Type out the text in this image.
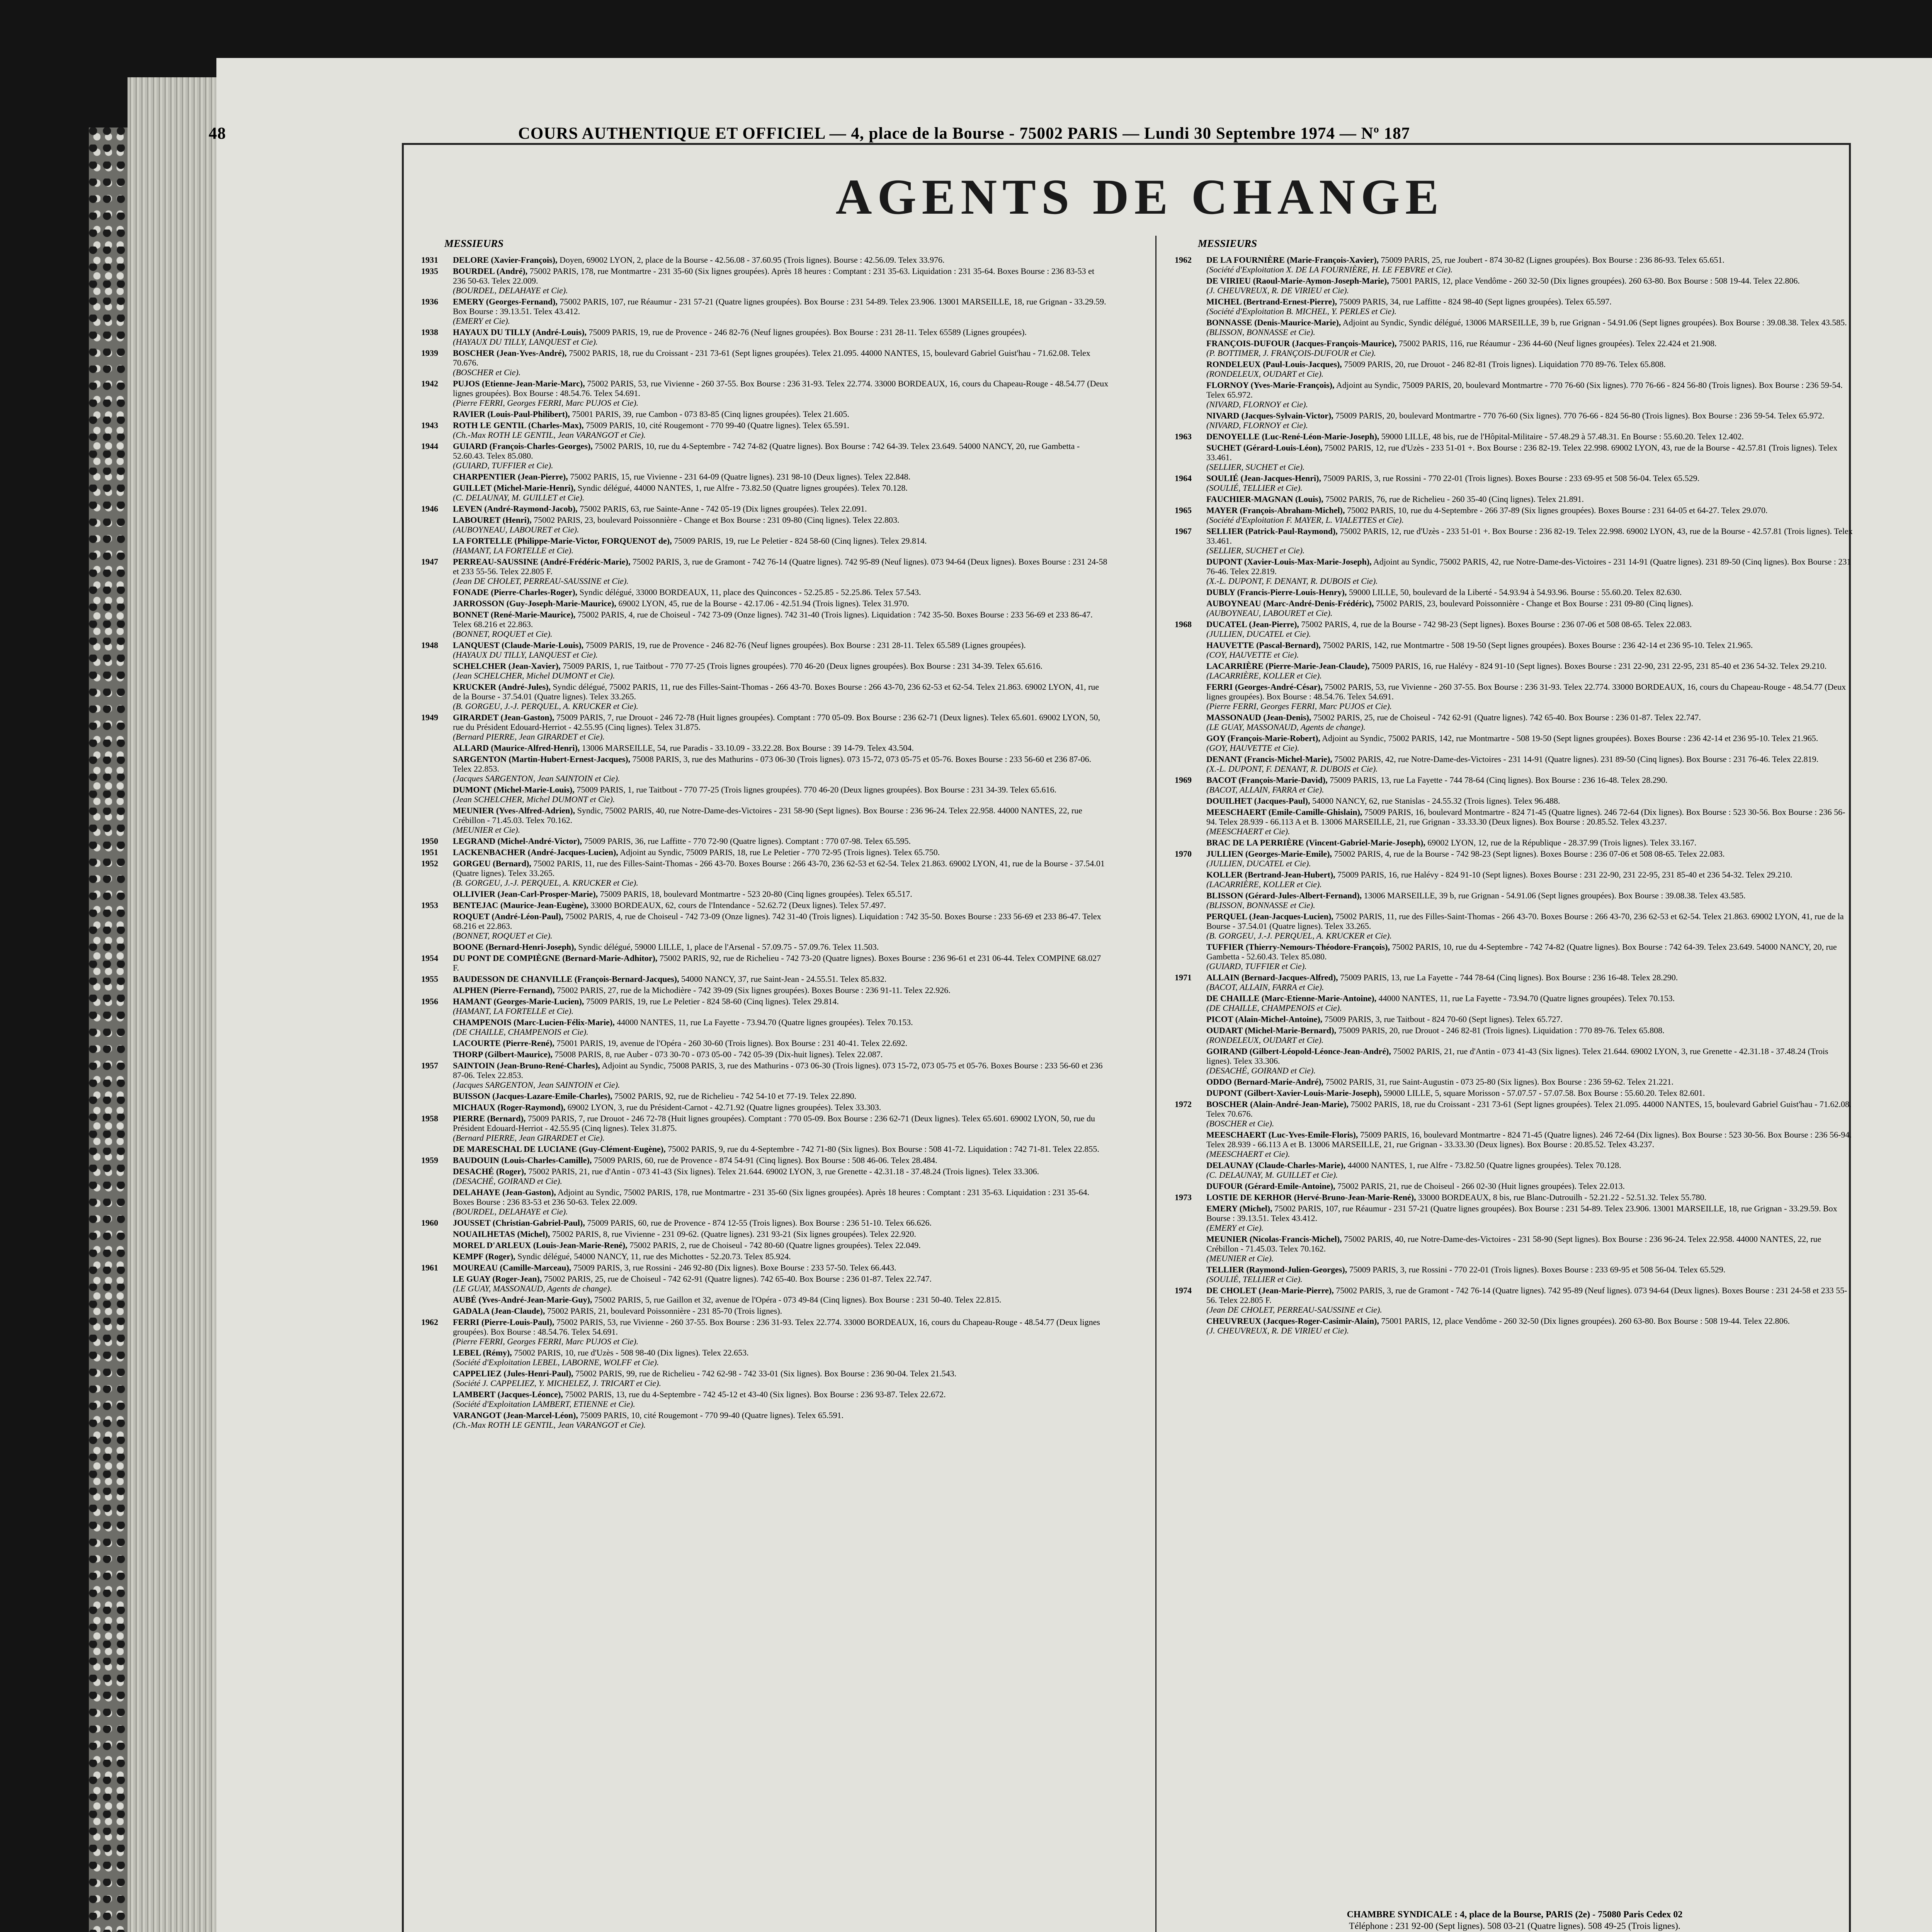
48	COURS AUTHENTIQUE ET OFFICIEL — 4, place de la Bourse - 75002 PARIS — Lundi 30 Septembre 1974 — Nº 187
AGENTS DE CHANGE
MESSIEURS	MESSIEURS
1931	DELORE (Xavier-François), Doyen, 69002 LYON, 2, place de la Bourse - 42.56.08 - 37.60.95 (Trois lignes). Bourse : 42.56.09. Telex 33.976.
1935	BOURDEL (André), 75002 PARIS, 178, rue Montmartre - 231 35-60 (Six lignes groupées). Après 18 heures : Comptant : 231 35-63. Liquidation : 231 35-64. Boxes Bourse : 236 83-53 et 236 50-63. Telex 22.009.
(BOURDEL, DELAHAYE et Cie).
1936	EMERY (Georges-Fernand), 75002 PARIS, 107, rue Réaumur - 231 57-21 (Quatre lignes groupées). Box Bourse : 231 54-89. Telex 23.906. 13001 MARSEILLE, 18, rue Grignan - 33.29.59. Box Bourse : 39.13.51. Telex 43.412.
(EMERY et Cie).
1938	HAYAUX DU TILLY (André-Louis), 75009 PARIS, 19, rue de Provence - 246 82-76 (Neuf lignes groupées). Box Bourse : 231 28-11. Telex 65589 (Lignes groupées).
(HAYAUX DU TILLY, LANQUEST et Cie).
1939	BOSCHER (Jean-Yves-André), 75002 PARIS, 18, rue du Croissant - 231 73-61 (Sept lignes groupées). Telex 21.095. 44000 NANTES, 15, boulevard Gabriel Guist'hau - 71.62.08. Telex 70.676.
(BOSCHER et Cie).
1942	PUJOS (Etienne-Jean-Marie-Marc), 75002 PARIS, 53, rue Vivienne - 260 37-55. Box Bourse : 236 31-93. Telex 22.774. 33000 BORDEAUX, 16, cours du Chapeau-Rouge - 48.54.77 (Deux lignes groupées). Box Bourse : 48.54.76. Telex 54.691.
(Pierre FERRI, Georges FERRI, Marc PUJOS et Cie).
RAVIER (Louis-Paul-Philibert), 75001 PARIS, 39, rue Cambon - 073 83-85 (Cinq lignes groupées). Telex 21.605.
1943	ROTH LE GENTIL (Charles-Max), 75009 PARIS, 10, cité Rougemont - 770 99-40 (Quatre lignes). Telex 65.591.
(Ch.-Max ROTH LE GENTIL, Jean VARANGOT et Cie).
1944	GUIARD (François-Charles-Georges), 75002 PARIS, 10, rue du 4-Septembre - 742 74-82 (Quatre lignes). Box Bourse : 742 64-39. Telex 23.649. 54000 NANCY, 20, rue Gambetta - 52.60.43. Telex 85.080.
(GUIARD, TUFFIER et Cie).
CHARPENTIER (Jean-Pierre), 75002 PARIS, 15, rue Vivienne - 231 64-09 (Quatre lignes). 231 98-10 (Deux lignes). Telex 22.848.
GUILLET (Michel-Marie-Henri), Syndic délégué, 44000 NANTES, 1, rue Alfre - 73.82.50 (Quatre lignes groupées). Telex 70.128.
(C. DELAUNAY, M. GUILLET et Cie).
1946	LEVEN (André-Raymond-Jacob), 75002 PARIS, 63, rue Sainte-Anne - 742 05-19 (Dix lignes groupées). Telex 22.091.
LABOURET (Henri), 75002 PARIS, 23, boulevard Poissonnière - Change et Box Bourse : 231 09-80 (Cinq lignes). Telex 22.803.
(AUBOYNEAU, LABOURET et Cie).
LA FORTELLE (Philippe-Marie-Victor, FORQUENOT de), 75009 PARIS, 19, rue Le Peletier - 824 58-60 (Cinq lignes). Telex 29.814.
(HAMANT, LA FORTELLE et Cie).
1947	PERREAU-SAUSSINE (André-Frédéric-Marie), 75002 PARIS, 3, rue de Gramont - 742 76-14 (Quatre lignes). 742 95-89 (Neuf lignes). 073 94-64 (Deux lignes). Boxes Bourse : 231 24-58 et 233 55-56. Telex 22.805 F.
(Jean DE CHOLET, PERREAU-SAUSSINE et Cie).
FONADE (Pierre-Charles-Roger), Syndic délégué, 33000 BORDEAUX, 11, place des Quinconces - 52.25.85 - 52.25.86. Telex 57.543.
JARROSSON (Guy-Joseph-Marie-Maurice), 69002 LYON, 45, rue de la Bourse - 42.17.06 - 42.51.94 (Trois lignes). Telex 31.970.
BONNET (René-Marie-Maurice), 75002 PARIS, 4, rue de Choiseul - 742 73-09 (Onze lignes). 742 31-40 (Trois lignes). Liquidation : 742 35-50. Boxes Bourse : 233 56-69 et 233 86-47. Telex 68.216 et 22.863.
(BONNET, ROQUET et Cie).
1948	LANQUEST (Claude-Marie-Louis), 75009 PARIS, 19, rue de Provence - 246 82-76 (Neuf lignes groupées). Box Bourse : 231 28-11. Telex 65.589 (Lignes groupées).
(HAYAUX DU TILLY, LANQUEST et Cie).
SCHELCHER (Jean-Xavier), 75009 PARIS, 1, rue Taitbout - 770 77-25 (Trois lignes groupées). 770 46-20 (Deux lignes groupées). Box Bourse : 231 34-39. Telex 65.616.
(Jean SCHELCHER, Michel DUMONT et Cie).
KRUCKER (André-Jules), Syndic délégué, 75002 PARIS, 11, rue des Filles-Saint-Thomas - 266 43-70. Boxes Bourse : 266 43-70, 236 62-53 et 62-54. Telex 21.863. 69002 LYON, 41, rue de la Bourse - 37.54.01 (Quatre lignes). Telex 33.265.
(B. GORGEU, J.-J. PERQUEL, A. KRUCKER et Cie).
1949	GIRARDET (Jean-Gaston), 75009 PARIS, 7, rue Drouot - 246 72-78 (Huit lignes groupées). Comptant : 770 05-09. Box Bourse : 236 62-71 (Deux lignes). Telex 65.601. 69002 LYON, 50, rue du Président Edouard-Herriot - 42.55.95 (Cinq lignes). Telex 31.875.
(Bernard PIERRE, Jean GIRARDET et Cie).
ALLARD (Maurice-Alfred-Henri), 13006 MARSEILLE, 54, rue Paradis - 33.10.09 - 33.22.28. Box Bourse : 39 14-79. Telex 43.504.
SARGENTON (Martin-Hubert-Ernest-Jacques), 75008 PARIS, 3, rue des Mathurins - 073 06-30 (Trois lignes). 073 15-72, 073 05-75 et 05-76. Boxes Bourse : 233 56-60 et 236 87-06. Telex 22.853.
(Jacques SARGENTON, Jean SAINTOIN et Cie).
DUMONT (Michel-Marie-Louis), 75009 PARIS, 1, rue Taitbout - 770 77-25 (Trois lignes groupées). 770 46-20 (Deux lignes groupées). Box Bourse : 231 34-39. Telex 65.616.
(Jean SCHELCHER, Michel DUMONT et Cie).
MEUNIER (Yves-Alfred-Adrien), Syndic, 75002 PARIS, 40, rue Notre-Dame-des-Victoires - 231 58-90 (Sept lignes). Box Bourse : 236 96-24. Telex 22.958. 44000 NANTES, 22, rue Crébillon - 71.45.03. Telex 70.162.
(MEUNIER et Cie).
1950	LEGRAND (Michel-André-Victor), 75009 PARIS, 36, rue Laffitte - 770 72-90 (Quatre lignes). Comptant : 770 07-98. Telex 65.595.
1951	LACKENBACHER (André-Jacques-Lucien), Adjoint au Syndic, 75009 PARIS, 18, rue Le Peletier - 770 72-95 (Trois lignes). Telex 65.750.
1952	GORGEU (Bernard), 75002 PARIS, 11, rue des Filles-Saint-Thomas - 266 43-70. Boxes Bourse : 266 43-70, 236 62-53 et 62-54. Telex 21.863. 69002 LYON, 41, rue de la Bourse - 37.54.01 (Quatre lignes). Telex 33.265.
(B. GORGEU, J.-J. PERQUEL, A. KRUCKER et Cie).
OLLIVIER (Jean-Carl-Prosper-Marie), 75009 PARIS, 18, boulevard Montmartre - 523 20-80 (Cinq lignes groupées). Telex 65.517.
1953	BENTEJAC (Maurice-Jean-Eugène), 33000 BORDEAUX, 62, cours de l'Intendance - 52.62.72 (Deux lignes). Telex 57.497.
ROQUET (André-Léon-Paul), 75002 PARIS, 4, rue de Choiseul - 742 73-09 (Onze lignes). 742 31-40 (Trois lignes). Liquidation : 742 35-50. Boxes Bourse : 233 56-69 et 233 86-47. Telex 68.216 et 22.863.
(BONNET, ROQUET et Cie).
BOONE (Bernard-Henri-Joseph), Syndic délégué, 59000 LILLE, 1, place de l'Arsenal - 57.09.75 - 57.09.76. Telex 11.503.
1954	DU PONT DE COMPIÈGNE (Bernard-Marie-Adhitor), 75002 PARIS, 92, rue de Richelieu - 742 73-20 (Quatre lignes). Boxes Bourse : 236 96-61 et 231 06-44. Telex COMPINE 68.027 F.
1955	BAUDESSON DE CHANVILLE (François-Bernard-Jacques), 54000 NANCY, 37, rue Saint-Jean - 24.55.51. Telex 85.832.
ALPHEN (Pierre-Fernand), 75002 PARIS, 27, rue de la Michodière - 742 39-09 (Six lignes groupées). Boxes Bourse : 236 91-11. Telex 22.926.
1956	HAMANT (Georges-Marie-Lucien), 75009 PARIS, 19, rue Le Peletier - 824 58-60 (Cinq lignes). Telex 29.814.
(HAMANT, LA FORTELLE et Cie).
CHAMPENOIS (Marc-Lucien-Félix-Marie), 44000 NANTES, 11, rue La Fayette - 73.94.70 (Quatre lignes groupées). Telex 70.153.
(DE CHAILLE, CHAMPENOIS et Cie).
LACOURTE (Pierre-René), 75001 PARIS, 19, avenue de l'Opéra - 260 30-60 (Trois lignes). Box Bourse : 231 40-41. Telex 22.692.
THORP (Gilbert-Maurice), 75008 PARIS, 8, rue Auber - 073 30-70 - 073 05-00 - 742 05-39 (Dix-huit lignes). Telex 22.087.
1957	SAINTOIN (Jean-Bruno-René-Charles), Adjoint au Syndic, 75008 PARIS, 3, rue des Mathurins - 073 06-30 (Trois lignes). 073 15-72, 073 05-75 et 05-76. Boxes Bourse : 233 56-60 et 236 87-06. Telex 22.853.
(Jacques SARGENTON, Jean SAINTOIN et Cie).
BUISSON (Jacques-Lazare-Emile-Charles), 75002 PARIS, 92, rue de Richelieu - 742 54-10 et 77-19. Telex 22.890.
MICHAUX (Roger-Raymond), 69002 LYON, 3, rue du Président-Carnot - 42.71.92 (Quatre lignes groupées). Telex 33.303.
1958	PIERRE (Bernard), 75009 PARIS, 7, rue Drouot - 246 72-78 (Huit lignes groupées). Comptant : 770 05-09. Box Bourse : 236 62-71 (Deux lignes). Telex 65.601. 69002 LYON, 50, rue du Président Edouard-Herriot - 42.55.95 (Cinq lignes). Telex 31.875.
(Bernard PIERRE, Jean GIRARDET et Cie).
DE MARESCHAL DE LUCIANE (Guy-Clément-Eugène), 75002 PARIS, 9, rue du 4-Septembre - 742 71-80 (Six lignes). Box Bourse : 508 41-72. Liquidation : 742 71-81. Telex 22.855.
1959	BAUDOUIN (Louis-Charles-Camille), 75009 PARIS, 60, rue de Provence - 874 54-91 (Cinq lignes). Box Bourse : 508 46-06. Telex 28.484.
DESACHÉ (Roger), 75002 PARIS, 21, rue d'Antin - 073 41-43 (Six lignes). Telex 21.644. 69002 LYON, 3, rue Grenette - 42.31.18 - 37.48.24 (Trois lignes). Telex 33.306.
(DESACHÉ, GOIRAND et Cie).
DELAHAYE (Jean-Gaston), Adjoint au Syndic, 75002 PARIS, 178, rue Montmartre - 231 35-60 (Six lignes groupées). Après 18 heures : Comptant : 231 35-63. Liquidation : 231 35-64. Boxes Bourse : 236 83-53 et 236 50-63. Telex 22.009.
(BOURDEL, DELAHAYE et Cie).
1960	JOUSSET (Christian-Gabriel-Paul), 75009 PARIS, 60, rue de Provence - 874 12-55 (Trois lignes). Box Bourse : 236 51-10. Telex 66.626.
NOUAILHETAS (Michel), 75002 PARIS, 8, rue Vivienne - 231 09-62. (Quatre lignes). 231 93-21 (Six lignes groupées). Telex 22.920.
MOREL D'ARLEUX (Louis-Jean-Marie-René), 75002 PARIS, 2, rue de Choiseul - 742 80-60 (Quatre lignes groupées). Telex 22.049.
KEMPF (Roger), Syndic délégué, 54000 NANCY, 11, rue des Michottes - 52.20.73. Telex 85.924.
1961	MOUREAU (Camille-Marceau), 75009 PARIS, 3, rue Rossini - 246 92-80 (Dix lignes). Boxe Bourse : 233 57-50. Telex 66.443.
LE GUAY (Roger-Jean), 75002 PARIS, 25, rue de Choiseul - 742 62-91 (Quatre lignes). 742 65-40. Box Bourse : 236 01-87. Telex 22.747.
(LE GUAY, MASSONAUD, Agents de change).
AUBÉ (Yves-André-Jean-Marie-Guy), 75002 PARIS, 5, rue Gaillon et 32, avenue de l'Opéra - 073 49-84 (Cinq lignes). Box Bourse : 231 50-40. Telex 22.815.
GADALA (Jean-Claude), 75002 PARIS, 21, boulevard Poissonnière - 231 85-70 (Trois lignes).
1962	FERRI (Pierre-Louis-Paul), 75002 PARIS, 53, rue Vivienne - 260 37-55. Box Bourse : 236 31-93. Telex 22.774. 33000 BORDEAUX, 16, cours du Chapeau-Rouge - 48.54.77 (Deux lignes groupées). Box Bourse : 48.54.76. Telex 54.691.
(Pierre FERRI, Georges FERRI, Marc PUJOS et Cie).
LEBEL (Rémy), 75002 PARIS, 10, rue d'Uzès - 508 98-40 (Dix lignes). Telex 22.653.
(Société d'Exploitation LEBEL, LABORNE, WOLFF et Cie).
CAPPELIEZ (Jules-Henri-Paul), 75002 PARIS, 99, rue de Richelieu - 742 62-98 - 742 33-01 (Six lignes). Box Bourse : 236 90-04. Telex 21.543.
(Société J. CAPPELIEZ, Y. MICHELEZ, J. TRICART et Cie).
LAMBERT (Jacques-Léonce), 75002 PARIS, 13, rue du 4-Septembre - 742 45-12 et 43-40 (Six lignes). Box Bourse : 236 93-87. Telex 22.672.
(Société d'Exploitation LAMBERT, ETIENNE et Cie).
VARANGOT (Jean-Marcel-Léon), 75009 PARIS, 10, cité Rougemont - 770 99-40 (Quatre lignes). Telex 65.591.
(Ch.-Max ROTH LE GENTIL, Jean VARANGOT et Cie).
1962	DE LA FOURNIÈRE (Marie-François-Xavier), 75009 PARIS, 25, rue Joubert - 874 30-82 (Lignes groupées). Box Bourse : 236 86-93. Telex 65.651.
(Société d'Exploitation X. DE LA FOURNIÈRE, H. LE FEBVRE et Cie).
DE VIRIEU (Raoul-Marie-Aymon-Joseph-Marie), 75001 PARIS, 12, place Vendôme - 260 32-50 (Dix lignes groupées). 260 63-80. Box Bourse : 508 19-44. Telex 22.806.
(J. CHEUVREUX, R. DE VIRIEU et Cie).
MICHEL (Bertrand-Ernest-Pierre), 75009 PARIS, 34, rue Laffitte - 824 98-40 (Sept lignes groupées). Telex 65.597.
(Société d'Exploitation B. MICHEL, Y. PERLES et Cie).
BONNASSE (Denis-Maurice-Marie), Adjoint au Syndic, Syndic délégué, 13006 MARSEILLE, 39 b, rue Grignan - 54.91.06 (Sept lignes groupées). Box Bourse : 39.08.38. Telex 43.585.
(BLISSON, BONNASSE et Cie).
FRANÇOIS-DUFOUR (Jacques-François-Maurice), 75002 PARIS, 116, rue Réaumur - 236 44-60 (Neuf lignes groupées). Telex 22.424 et 21.908.
(P. BOTTIMER, J. FRANÇOIS-DUFOUR et Cie).
RONDELEUX (Paul-Louis-Jacques), 75009 PARIS, 20, rue Drouot - 246 82-81 (Trois lignes). Liquidation 770 89-76. Telex 65.808.
(RONDELEUX, OUDART et Cie).
FLORNOY (Yves-Marie-François), Adjoint au Syndic, 75009 PARIS, 20, boulevard Montmartre - 770 76-60 (Six lignes). 770 76-66 - 824 56-80 (Trois lignes). Box Bourse : 236 59-54. Telex 65.972.
(NIVARD, FLORNOY et Cie).
NIVARD (Jacques-Sylvain-Victor), 75009 PARIS, 20, boulevard Montmartre - 770 76-60 (Six lignes). 770 76-66 - 824 56-80 (Trois lignes). Box Bourse : 236 59-54. Telex 65.972.
(NIVARD, FLORNOY et Cie).
1963	DENOYELLE (Luc-René-Léon-Marie-Joseph), 59000 LILLE, 48 bis, rue de l'Hôpital-Militaire - 57.48.29 à 57.48.31. En Bourse : 55.60.20. Telex 12.402.
SUCHET (Gérard-Louis-Léon), 75002 PARIS, 12, rue d'Uzès - 233 51-01 +. Box Bourse : 236 82-19. Telex 22.998. 69002 LYON, 43, rue de la Bourse - 42.57.81 (Trois lignes). Telex 33.461.
(SELLIER, SUCHET et Cie).
1964	SOULIÉ (Jean-Jacques-Henri), 75009 PARIS, 3, rue Rossini - 770 22-01 (Trois lignes). Boxes Bourse : 233 69-95 et 508 56-04. Telex 65.529.
(SOULIÉ, TELLIER et Cie).
FAUCHIER-MAGNAN (Louis), 75002 PARIS, 76, rue de Richelieu - 260 35-40 (Cinq lignes). Telex 21.891.
1965	MAYER (François-Abraham-Michel), 75002 PARIS, 10, rue du 4-Septembre - 266 37-89 (Six lignes groupées). Boxes Bourse : 231 64-05 et 64-27. Telex 29.070.
(Société d'Exploitation F. MAYER, L. VIALETTES et Cie).
1967	SELLIER (Patrick-Paul-Raymond), 75002 PARIS, 12, rue d'Uzès - 233 51-01 +. Box Bourse : 236 82-19. Telex 22.998. 69002 LYON, 43, rue de la Bourse - 42.57.81 (Trois lignes). Telex 33.461.
(SELLIER, SUCHET et Cie).
DUPONT (Xavier-Louis-Max-Marie-Joseph), Adjoint au Syndic, 75002 PARIS, 42, rue Notre-Dame-des-Victoires - 231 14-91 (Quatre lignes). 231 89-50 (Cinq lignes). Box Bourse : 231 76-46. Telex 22.819.
(X.-L. DUPONT, F. DENANT, R. DUBOIS et Cie).
DUBLY (Francis-Pierre-Louis-Henry), 59000 LILLE, 50, boulevard de la Liberté - 54.93.94 à 54.93.96. Bourse : 55.60.20. Telex 82.630.
AUBOYNEAU (Marc-André-Denis-Frédéric), 75002 PARIS, 23, boulevard Poissonnière - Change et Box Bourse : 231 09-80 (Cinq lignes).
(AUBOYNEAU, LABOURET et Cie).
1968	DUCATEL (Jean-Pierre), 75002 PARIS, 4, rue de la Bourse - 742 98-23 (Sept lignes). Boxes Bourse : 236 07-06 et 508 08-65. Telex 22.083.
(JULLIEN, DUCATEL et Cie).
HAUVETTE (Pascal-Bernard), 75002 PARIS, 142, rue Montmartre - 508 19-50 (Sept lignes groupées). Boxes Bourse : 236 42-14 et 236 95-10. Telex 21.965.
(COY, HAUVETTE et Cie).
LACARRIÈRE (Pierre-Marie-Jean-Claude), 75009 PARIS, 16, rue Halévy - 824 91-10 (Sept lignes). Boxes Bourse : 231 22-90, 231 22-95, 231 85-40 et 236 54-32. Telex 29.210.
(LACARRIÈRE, KOLLER et Cie).
FERRI (Georges-André-César), 75002 PARIS, 53, rue Vivienne - 260 37-55. Box Bourse : 236 31-93. Telex 22.774. 33000 BORDEAUX, 16, cours du Chapeau-Rouge - 48.54.77 (Deux lignes groupées). Box Bourse : 48.54.76. Telex 54.691.
(Pierre FERRI, Georges FERRI, Marc PUJOS et Cie).
MASSONAUD (Jean-Denis), 75002 PARIS, 25, rue de Choiseul - 742 62-91 (Quatre lignes). 742 65-40. Box Bourse : 236 01-87. Telex 22.747.
(LE GUAY, MASSONAUD, Agents de change).
GOY (François-Marie-Robert), Adjoint au Syndic, 75002 PARIS, 142, rue Montmartre - 508 19-50 (Sept lignes groupées). Boxes Bourse : 236 42-14 et 236 95-10. Telex 21.965.
(GOY, HAUVETTE et Cie).
DENANT (Francis-Michel-Marie), 75002 PARIS, 42, rue Notre-Dame-des-Victoires - 231 14-91 (Quatre lignes). 231 89-50 (Cinq lignes). Box Bourse : 231 76-46. Telex 22.819.
(X.-L. DUPONT, F. DENANT, R. DUBOIS et Cie).
1969	BACOT (François-Marie-David), 75009 PARIS, 13, rue La Fayette - 744 78-64 (Cinq lignes). Box Bourse : 236 16-48. Telex 28.290.
(BACOT, ALLAIN, FARRA et Cie).
DOUILHET (Jacques-Paul), 54000 NANCY, 62, rue Stanislas - 24.55.32 (Trois lignes). Telex 96.488.
MEESCHAERT (Emile-Camille-Ghislain), 75009 PARIS, 16, boulevard Montmartre - 824 71-45 (Quatre lignes). 246 72-64 (Dix lignes). Box Bourse : 523 30-56. Box Bourse : 236 56-94. Telex 28.939 - 66.113 A et B. 13006 MARSEILLE, 21, rue Grignan - 33.33.30 (Deux lignes). Box Bourse : 20.85.52. Telex 43.237.
(MEESCHAERT et Cie).
BRAC DE LA PERRIÈRE (Vincent-Gabriel-Marie-Joseph), 69002 LYON, 12, rue de la République - 28.37.99 (Trois lignes). Telex 33.167.
1970	JULLIEN (Georges-Marie-Emile), 75002 PARIS, 4, rue de la Bourse - 742 98-23 (Sept lignes). Boxes Bourse : 236 07-06 et 508 08-65. Telex 22.083.
(JULLIEN, DUCATEL et Cie).
KOLLER (Bertrand-Jean-Hubert), 75009 PARIS, 16, rue Halévy - 824 91-10 (Sept lignes). Boxes Bourse : 231 22-90, 231 22-95, 231 85-40 et 236 54-32. Telex 29.210.
(LACARRIÈRE, KOLLER et Cie).
BLISSON (Gérard-Jules-Albert-Fernand), 13006 MARSEILLE, 39 b, rue Grignan - 54.91.06 (Sept lignes groupées). Box Bourse : 39.08.38. Telex 43.585.
(BLISSON, BONNASSE et Cie).
PERQUEL (Jean-Jacques-Lucien), 75002 PARIS, 11, rue des Filles-Saint-Thomas - 266 43-70. Boxes Bourse : 266 43-70, 236 62-53 et 62-54. Telex 21.863. 69002 LYON, 41, rue de la Bourse - 37.54.01 (Quatre lignes). Telex 33.265.
(B. GORGEU, J.-J. PERQUEL, A. KRUCKER et Cie).
TUFFIER (Thierry-Nemours-Théodore-François), 75002 PARIS, 10, rue du 4-Septembre - 742 74-82 (Quatre lignes). Box Bourse : 742 64-39. Telex 23.649. 54000 NANCY, 20, rue Gambetta - 52.60.43. Telex 85.080.
(GUIARD, TUFFIER et Cie).
1971	ALLAIN (Bernard-Jacques-Alfred), 75009 PARIS, 13, rue La Fayette - 744 78-64 (Cinq lignes). Box Bourse : 236 16-48. Telex 28.290.
(BACOT, ALLAIN, FARRA et Cie).
DE CHAILLE (Marc-Etienne-Marie-Antoine), 44000 NANTES, 11, rue La Fayette - 73.94.70 (Quatre lignes groupées). Telex 70.153.
(DE CHAILLE, CHAMPENOIS et Cie).
PICOT (Alain-Michel-Antoine), 75009 PARIS, 3, rue Taitbout - 824 70-60 (Sept lignes). Telex 65.727.
OUDART (Michel-Marie-Bernard), 75009 PARIS, 20, rue Drouot - 246 82-81 (Trois lignes). Liquidation : 770 89-76. Telex 65.808.
(RONDELEUX, OUDART et Cie).
GOIRAND (Gilbert-Léopold-Léonce-Jean-André), 75002 PARIS, 21, rue d'Antin - 073 41-43 (Six lignes). Telex 21.644. 69002 LYON, 3, rue Grenette - 42.31.18 - 37.48.24 (Trois lignes). Telex 33.306.
(DESACHÉ, GOIRAND et Cie).
ODDO (Bernard-Marie-André), 75002 PARIS, 31, rue Saint-Augustin - 073 25-80 (Six lignes). Box Bourse : 236 59-62. Telex 21.221.
DUPONT (Gilbert-Xavier-Louis-Marie-Joseph), 59000 LILLE, 5, square Morisson - 57.07.57 - 57.07.58. Box Bourse : 55.60.20. Telex 82.601.
1972	BOSCHER (Alain-André-Jean-Marie), 75002 PARIS, 18, rue du Croissant - 231 73-61 (Sept lignes groupées). Telex 21.095. 44000 NANTES, 15, boulevard Gabriel Guist'hau - 71.62.08. Telex 70.676.
(BOSCHER et Cie).
MEESCHAERT (Luc-Yves-Emile-Floris), 75009 PARIS, 16, boulevard Montmartre - 824 71-45 (Quatre lignes). 246 72-64 (Dix lignes). Box Bourse : 523 30-56. Box Bourse : 236 56-94. Telex 28.939 - 66.113 A et B. 13006 MARSEILLE, 21, rue Grignan - 33.33.30 (Deux lignes). Box Bourse : 20.85.52. Telex 43.237.
(MEESCHAERT et Cie).
DELAUNAY (Claude-Charles-Marie), 44000 NANTES, 1, rue Alfre - 73.82.50 (Quatre lignes groupées). Telex 70.128.
(C. DELAUNAY, M. GUILLET et Cie).
DUFOUR (Gérard-Emile-Antoine), 75002 PARIS, 21, rue de Choiseul - 266 02-30 (Huit lignes groupées). Telex 22.013.
1973	LOSTIE DE KERHOR (Hervé-Bruno-Jean-Marie-René), 33000 BORDEAUX, 8 bis, rue Blanc-Dutrouilh - 52.21.22 - 52.51.32. Telex 55.780.
EMERY (Michel), 75002 PARIS, 107, rue Réaumur - 231 57-21 (Quatre lignes groupées). Box Bourse : 231 54-89. Telex 23.906. 13001 MARSEILLE, 18, rue Grignan - 33.29.59. Box Bourse : 39.13.51. Telex 43.412.
(EMERY et Cie).
MEUNIER (Nicolas-Francis-Michel), 75002 PARIS, 40, rue Notre-Dame-des-Victoires - 231 58-90 (Sept lignes). Box Bourse : 236 96-24. Telex 22.958. 44000 NANTES, 22, rue Crébillon - 71.45.03. Telex 70.162.
(MEUNIER et Cie).
TELLIER (Raymond-Julien-Georges), 75009 PARIS, 3, rue Rossini - 770 22-01 (Trois lignes). Boxes Bourse : 233 69-95 et 508 56-04. Telex 65.529.
(SOULIÉ, TELLIER et Cie).
1974	DE CHOLET (Jean-Marie-Pierre), 75002 PARIS, 3, rue de Gramont - 742 76-14 (Quatre lignes). 742 95-89 (Neuf lignes). 073 94-64 (Deux lignes). Boxes Bourse : 231 24-58 et 233 55-56. Telex 22.805 F.
(Jean DE CHOLET, PERREAU-SAUSSINE et Cie).
CHEUVREUX (Jacques-Roger-Casimir-Alain), 75001 PARIS, 12, place Vendôme - 260 32-50 (Dix lignes groupées). 260 63-80. Box Bourse : 508 19-44. Telex 22.806.
(J. CHEUVREUX, R. DE VIRIEU et Cie).
CHAMBRE SYNDICALE : 4, place de la Bourse, PARIS (2e) - 75080 Paris Cedex 02
Téléphone : 231 92-00 (Sept lignes). 508 03-21 (Quatre lignes). 508 49-25 (Trois lignes).
